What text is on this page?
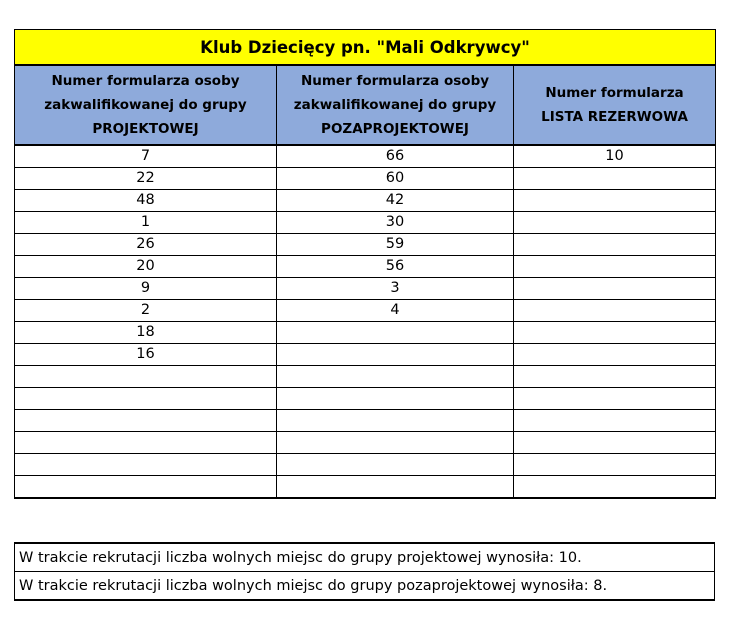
Klub Dziecięcy pn. "Mali Odkrywcy"		

Numer formularza osoby
zakwalifikowanej do grupy
PROJEKTOWEJ	Numer formularza osoby
zakwalifikowanej do grupy
POZAPROJEKTOWEJ	Numer formularza
LISTA REZERWOWA

7	66	10
22	60	
48	42	
1	30	
26	59	
20	56	
9	3	
2	4	
18		
16		

W trakcie rekrutacji liczba wolnych miejsc do grupy projektowej wynosiła: 10.
W trakcie rekrutacji liczba wolnych miejsc do grupy pozaprojektowej wynosiła: 8.
